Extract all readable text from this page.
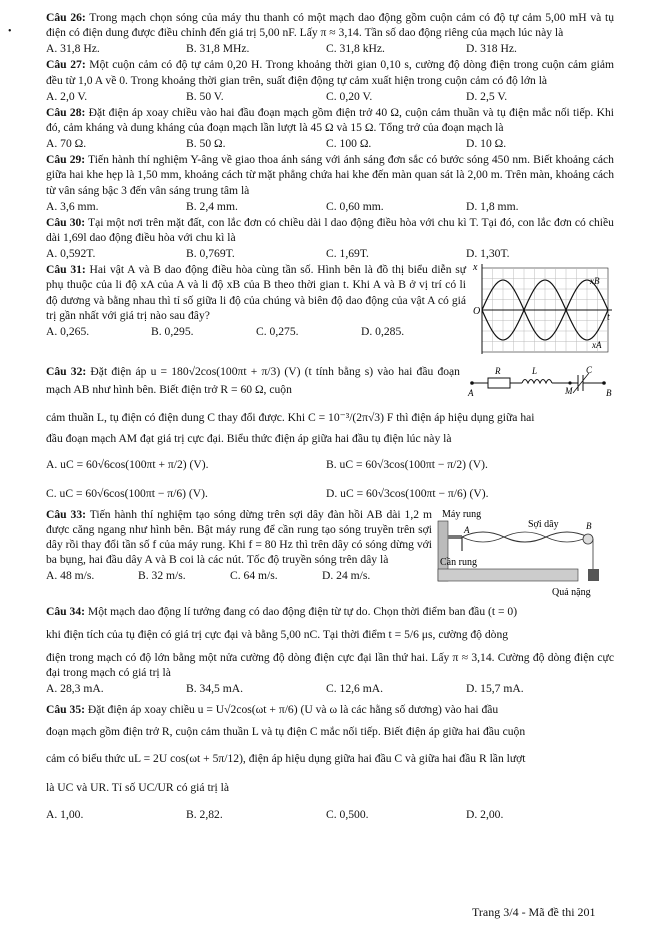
•
Câu 26: Trong mạch chọn sóng của máy thu thanh có một mạch dao động gồm cuộn cảm có độ tự cảm 5,00 mH và tụ điện có điện dung được điều chỉnh đến giá trị 5,00 nF. Lấy π ≈ 3,14. Tần số dao động riêng của mạch lúc này là
A. 31,8 Hz.	B. 31,8 MHz.	C. 31,8 kHz.	D. 318 Hz.
Câu 27: Một cuộn cảm có độ tự cảm 0,20 H. Trong khoảng thời gian 0,10 s, cường độ dòng điện trong cuộn cảm giảm đều từ 1,0 A về 0. Trong khoảng thời gian trên, suất điện động tự cảm xuất hiện trong cuộn cảm có độ lớn là
A. 2,0 V.	B. 50 V.	C. 0,20 V.	D. 2,5 V.
Câu 28: Đặt điện áp xoay chiều vào hai đầu đoạn mạch gồm điện trở 40 Ω, cuộn cảm thuần và tụ điện mắc nối tiếp. Khi đó, cảm kháng và dung kháng của đoạn mạch lần lượt là 45 Ω và 15 Ω. Tổng trở của đoạn mạch là
A. 70 Ω.	B. 50 Ω.	C. 100 Ω.	D. 10 Ω.
Câu 29: Tiến hành thí nghiệm Y-âng về giao thoa ánh sáng với ánh sáng đơn sắc có bước sóng 450 nm. Biết khoảng cách giữa hai khe hẹp là 1,50 mm, khoảng cách từ mặt phẳng chứa hai khe đến màn quan sát là 2,00 m. Trên màn, khoảng cách từ vân sáng bậc 3 đến vân sáng trung tâm là
A. 3,6 mm.	B. 2,4 mm.	C. 0,60 mm.	D. 1,8 mm.
Câu 30: Tại một nơi trên mặt đất, con lắc đơn có chiều dài l dao động điều hòa với chu kì T. Tại đó, con lắc đơn có chiều dài 1,69l dao động điều hòa với chu kì là
A. 0,592T.	B. 0,769T.	C. 1,69T.	D. 1,30T.
Câu 31: Hai vật A và B dao động điều hòa cùng tần số. Hình bên là đồ thị biểu diễn sự phụ thuộc của li độ xA của A và li độ xB của B theo thời gian t. Khi A và B ở vị trí có li độ dương và bằng nhau thì tỉ số giữa li độ của chúng và biên độ dao động của vật A có giá trị gần nhất với giá trị nào sau đây?
A. 0,265.	B. 0,295.	C. 0,275.	D. 0,285.
x
xB
xA
O
t
Câu 32: Đặt điện áp u = 180√2cos(100πt + π/3) (V) (t tính bằng s) vào hai đầu đoạn mạch AB như hình bên. Biết điện trở R = 60 Ω, cuộn	A
R	L
M
C
B
cảm thuần L, tụ điện có điện dung C thay đổi được. Khi C = 10⁻³/(2π√3) F thì điện áp hiệu dụng giữa hai
đầu đoạn mạch AM đạt giá trị cực đại. Biểu thức điện áp giữa hai đầu tụ điện lúc này là
A. uC = 60√6cos(100πt + π/2) (V).	B. uC = 60√3cos(100πt − π/2) (V).
C. uC = 60√6cos(100πt − π/6) (V).	D. uC = 60√3cos(100πt − π/6) (V).
Câu 33: Tiến hành thí nghiệm tạo sóng dừng trên sợi dây đàn hồi AB dài 1,2 m được căng ngang như hình bên. Bật máy rung để cần rung tạo sóng truyền trên sợi dây rồi thay đổi tần số f của máy rung. Khi f = 80 Hz thì trên dây có sóng dừng với ba bụng, hai đầu dây A và B coi là các nút. Tốc độ truyền sóng trên dây là
A. 48 m/s.	B. 32 m/s.	C. 64 m/s.	D. 24 m/s.
Máy rung
Sợi dây
A	B
Cần rung
Quả nặng
Câu 34: Một mạch dao động lí tưởng đang có dao động điện từ tự do. Chọn thời điểm ban đầu (t = 0)
khi điện tích của tụ điện có giá trị cực đại và bằng 5,00 nC. Tại thời điểm t = 5/6 μs, cường độ dòng
điện trong mạch có độ lớn bằng một nửa cường độ dòng điện cực đại lần thứ hai. Lấy π ≈ 3,14. Cường độ dòng điện cực đại trong mạch có giá trị là
A. 28,3 mA.	B. 34,5 mA.	C. 12,6 mA.	D. 15,7 mA.
Câu 35: Đặt điện áp xoay chiều u = U√2cos(ωt + π/6) (U và ω là các hằng số dương) vào hai đầu
đoạn mạch gồm điện trở R, cuộn cảm thuần L và tụ điện C mắc nối tiếp. Biết điện áp giữa hai đầu cuộn
cảm có biểu thức uL = 2U cos(ωt + 5π/12), điện áp hiệu dụng giữa hai đầu C và giữa hai đầu R lần lượt
là UC và UR. Tỉ số UC/UR có giá trị là
A. 1,00.	B. 2,82.	C. 0,500.	D. 2,00.
Trang 3/4 - Mã đề thi 201
